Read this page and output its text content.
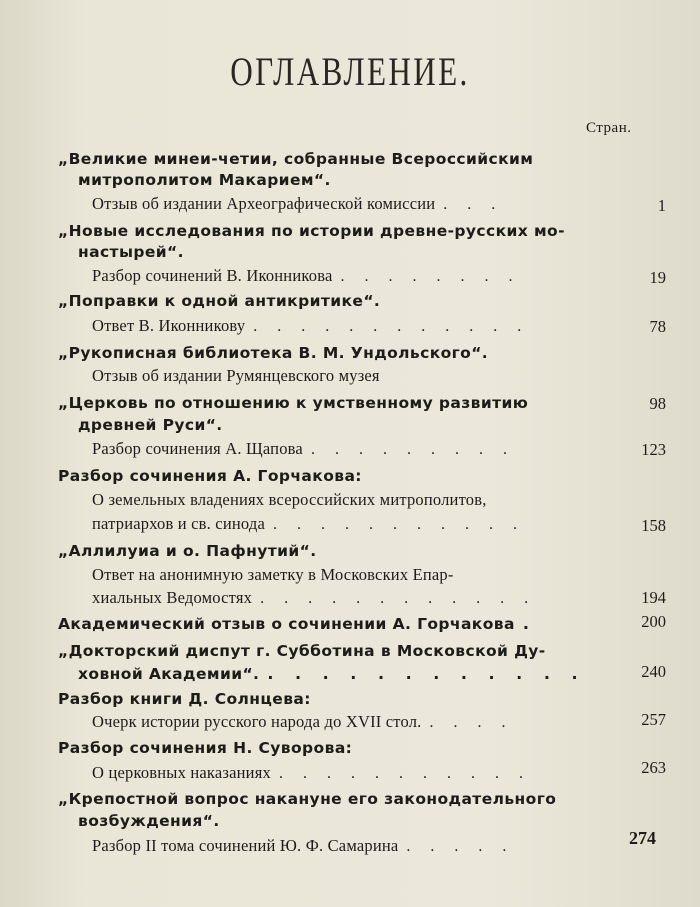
ОГЛАВЛЕНИЕ.
Стран.
„Великие минеи-четии, собранные Всероссийским
митрополитом Макарием“.
Отзыв об издании Археографической комиссии . . .	1
„Новые исследования по истории древне-русских мо-
настырей“.
Разбор сочинений В. Иконникова . . . . . . . .	19
„Поправки к одной антикритике“.
Ответ В. Иконникову . . . . . . . . . . . .	78
„Рукописная библиотека В. М. Ундольского“.
Отзыв об издании Румянцевского музея
„Церковь по отношению к умственному развитию	98
древней Руси“.
Разбор сочинения А. Щапова . . . . . . . . .	123
Разбор сочинения А. Горчакова:
О земельных владениях всероссийских митрополитов,
патриархов и св. синода . . . . . . . . . . .	158
„Аллилуиа и о. Пафнутий“.
Ответ на анонимную заметку в Московских Епар-
хиальных Ведомостях . . . . . . . . . . . .	194
Академический отзыв о сочинении А. Горчакова .	200
„Докторский диспут г. Субботина в Московской Ду-
ховной Академии“. . . . . . . . . . . . .	240
Разбор книги Д. Солнцева:
Очерк истории русского народа до XVII стол. . . . .	257
Разбор сочинения Н. Суворова:
О церковных наказаниях . . . . . . . . . . .	263
„Крепостной вопрос накануне его законодательного
возбуждения“.
Разбор II тома сочинений Ю. Ф. Самарина . . . . .	274
